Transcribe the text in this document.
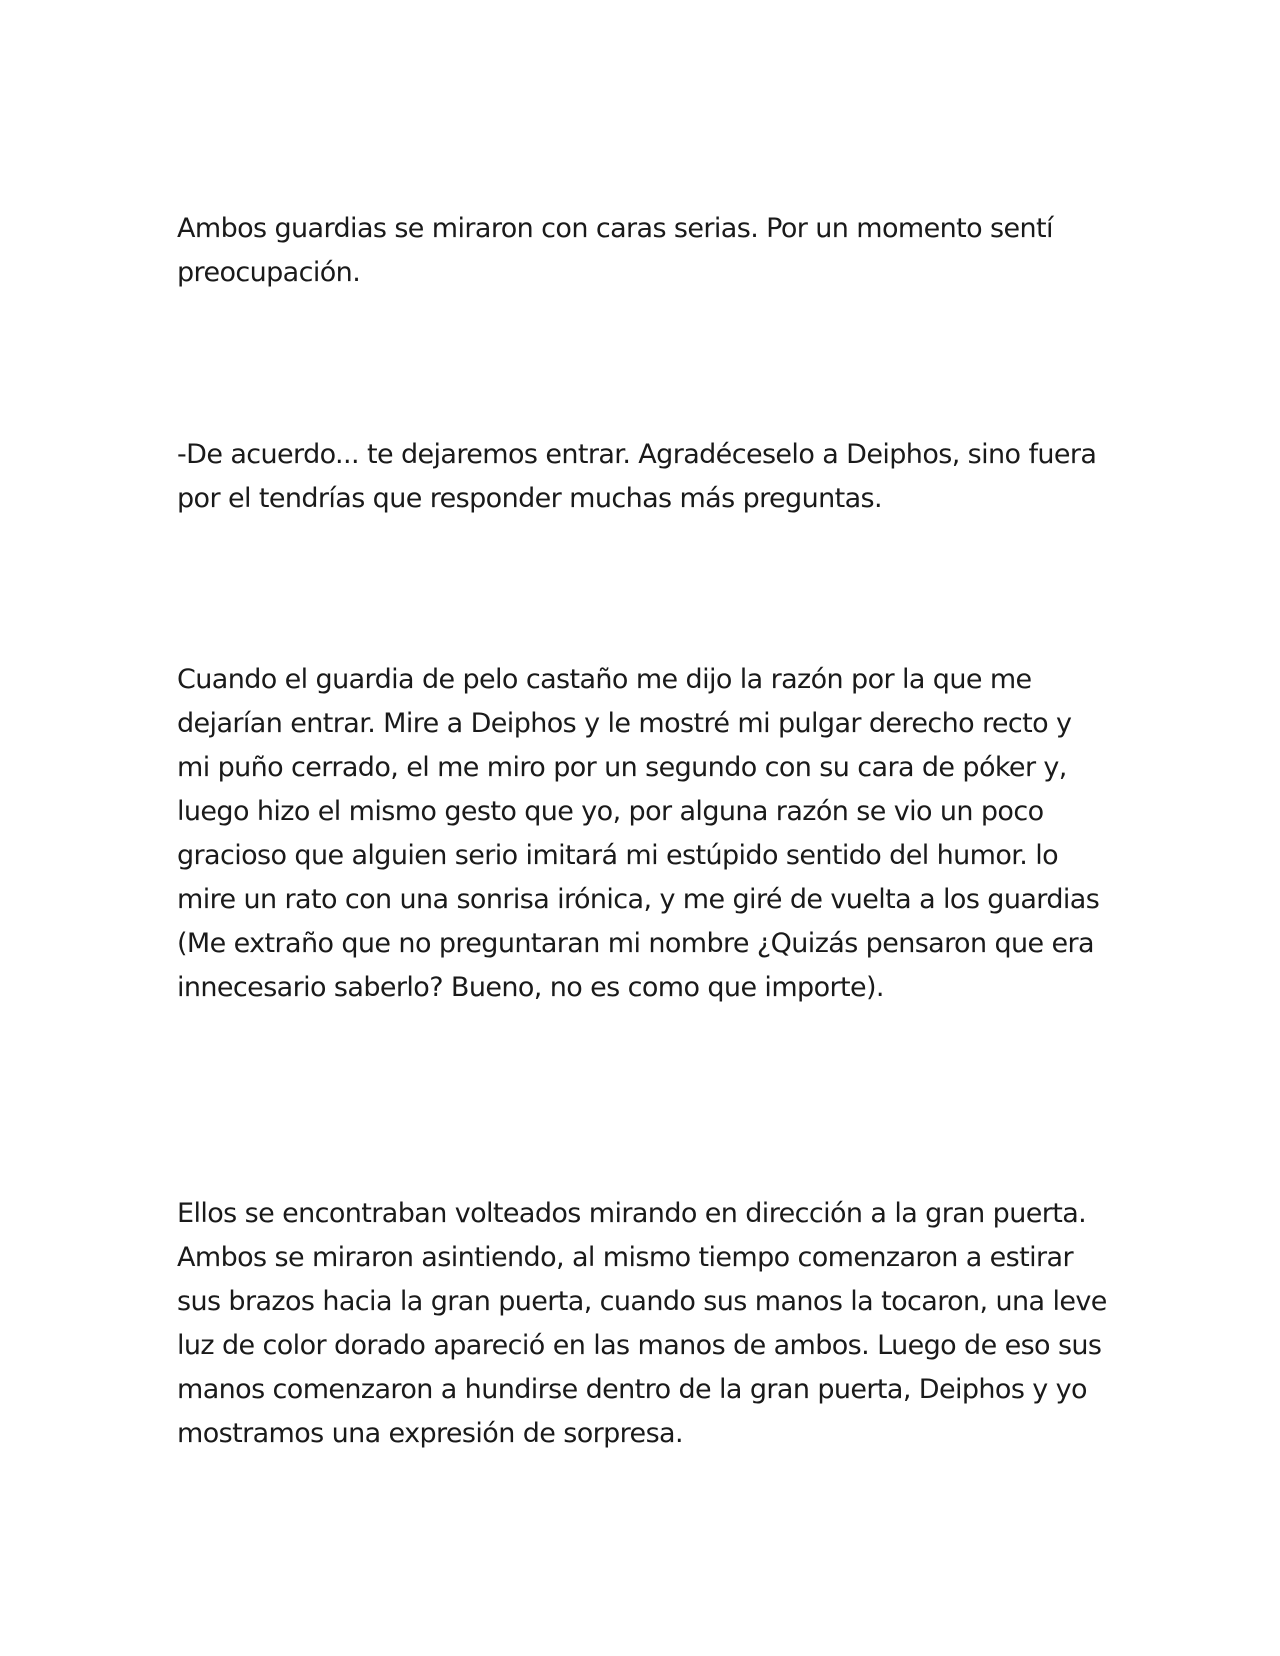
Ambos guardias se miraron con caras serias. Por un momento sentí preocupación.

-De acuerdo... te dejaremos entrar. Agradéceselo a Deiphos, sino fuera por el tendrías que responder muchas más preguntas.

Cuando el guardia de pelo castaño me dijo la razón por la que me dejarían entrar. Mire a Deiphos y le mostré mi pulgar derecho recto y mi puño cerrado, el me miro por un segundo con su cara de póker y, luego hizo el mismo gesto que yo, por alguna razón se vio un poco gracioso que alguien serio imitará mi estúpido sentido del humor. lo mire un rato con una sonrisa irónica, y me giré de vuelta a los guardias (Me extraño que no preguntaran mi nombre ¿Quizás pensaron que era innecesario saberlo? Bueno, no es como que importe).

Ellos se encontraban volteados mirando en dirección a la gran puerta. Ambos se miraron asintiendo, al mismo tiempo comenzaron a estirar sus brazos hacia la gran puerta, cuando sus manos la tocaron, una leve luz de color dorado apareció en las manos de ambos. Luego de eso sus manos comenzaron a hundirse dentro de la gran puerta, Deiphos y yo mostramos una expresión de sorpresa.
